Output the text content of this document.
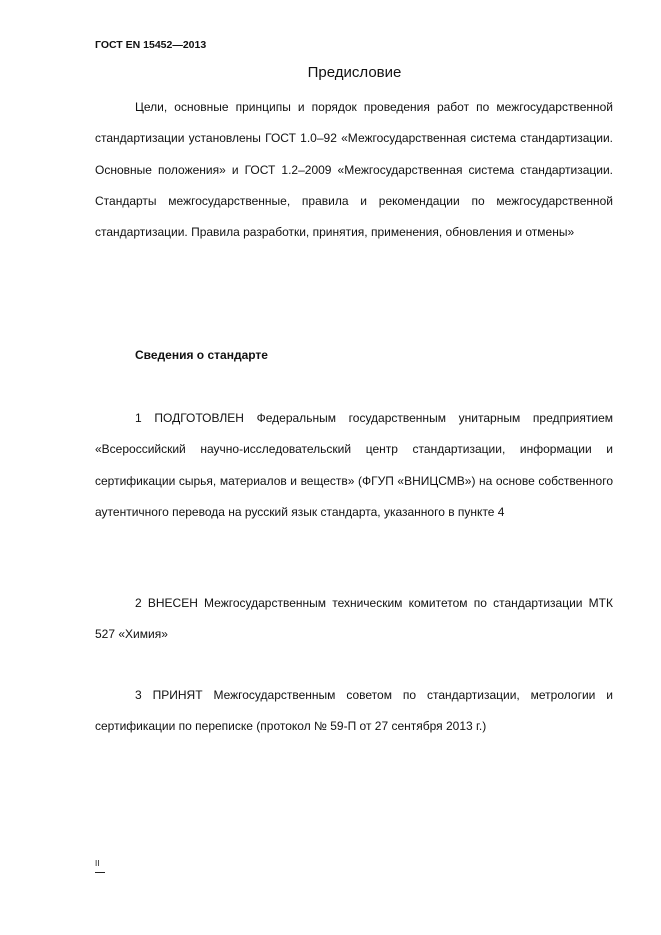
ГОСТ EN 15452—2013
Предисловие
Цели, основные принципы и порядок проведения работ по межгосударственной стандартизации установлены ГОСТ 1.0–92 «Межгосударственная система стандартизации. Основные положения» и ГОСТ 1.2–2009 «Межгосударственная система стандартизации. Стандарты межгосударственные, правила и рекомендации по межгосударственной стандартизации. Правила разработки, принятия, применения, обновления и отмены»
Сведения о стандарте
1 ПОДГОТОВЛЕН Федеральным государственным унитарным предприятием «Всероссийский научно-исследовательский центр стандартизации, информации и сертификации сырья, материалов и веществ» (ФГУП «ВНИЦСМВ») на основе собственного аутентичного перевода на русский язык стандарта, указанного в пункте 4
2 ВНЕСЕН Межгосударственным техническим комитетом по стандартизации МТК 527 «Химия»
3 ПРИНЯТ Межгосударственным советом по стандартизации, метрологии и сертификации по переписке (протокол № 59-П от 27 сентября 2013 г.)
II
